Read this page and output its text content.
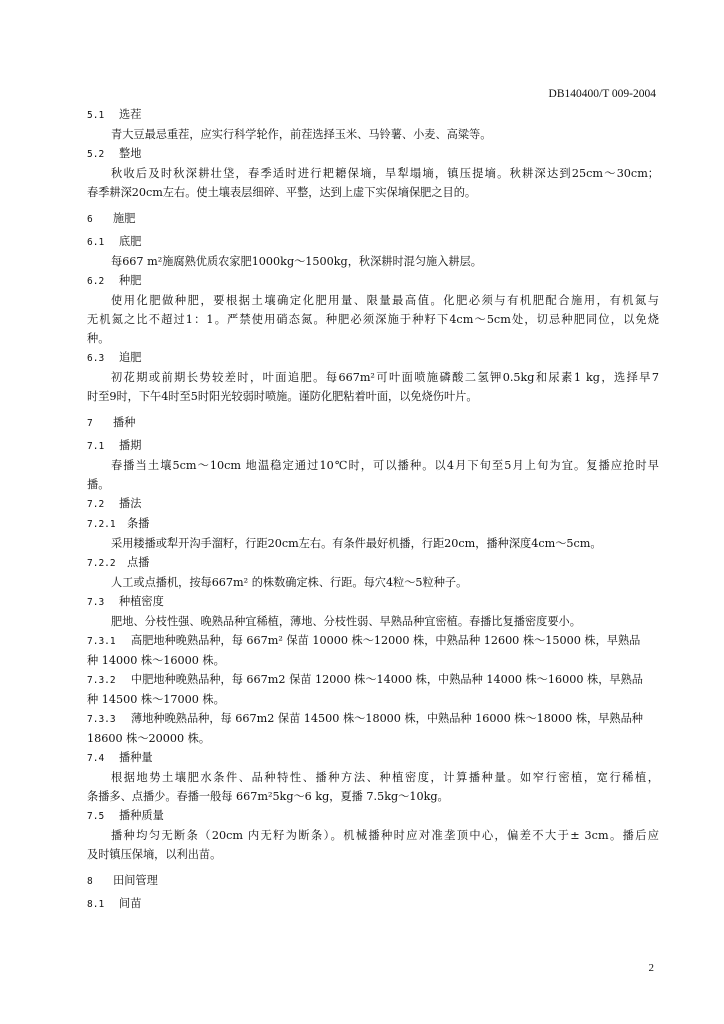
DB140400/T 009-2004
5.1 选茬
青大豆最忌重茬，应实行科学轮作，前茬选择玉米、马铃薯、小麦、高粱等。
5.2 整地
秋收后及时秋深耕壮垡，春季适时进行耙耱保墒，旱犁塌墒，镇压提墒。秋耕深达到25cm～30cm；
春季耕深20cm左右。使土壤表层细碎、平整，达到上虚下实保墒保肥之目的。
6 施肥
6.1 底肥
每667 m²施腐熟优质农家肥1000kg～1500kg，秋深耕时混匀施入耕层。
6.2 种肥
使用化肥做种肥，要根据土壤确定化肥用量、限量最高值。化肥必须与有机肥配合施用，有机氮与
无机氮之比不超过1：1。严禁使用硝态氮。种肥必须深施于种籽下4cm～5cm处，切忌种肥同位，以免烧
种。
6.3 追肥
初花期或前期长势较差时，叶面追肥。每667m²可叶面喷施磷酸二氢钾0.5kg和尿素1 kg，选择早7
时至9时，下午4时至5时阳光较弱时喷施。谨防化肥粘着叶面，以免烧伤叶片。
7 播种
7.1 播期
春播当土壤5cm～10cm 地温稳定通过10℃时，可以播种。以4月下旬至5月上旬为宜。复播应抢时早
播。
7.2 播法
7.2.1 条播
采用耧播或犁开沟手溜籽，行距20cm左右。有条件最好机播，行距20cm，播种深度4cm～5cm。
7.2.2 点播
人工或点播机，按每667m² 的株数确定株、行距。每穴4粒～5粒种子。
7.3 种植密度
肥地、分枝性强、晚熟品种宜稀植，薄地、分枝性弱、早熟品种宜密植。春播比复播密度要小。
7.3.1 高肥地种晚熟品种，每 667m² 保苗 10000 株～12000 株，中熟品种 12600 株～15000 株，早熟品
种 14000 株～16000 株。
7.3.2 中肥地种晚熟品种，每 667m2 保苗 12000 株～14000 株，中熟品种 14000 株～16000 株，早熟品
种 14500 株～17000 株。
7.3.3 薄地种晚熟品种，每 667m2 保苗 14500 株～18000 株，中熟品种 16000 株～18000 株，早熟品种
18600 株～20000 株。
7.4 播种量
根据地势土壤肥水条件、品种特性、播种方法、种植密度，计算播种量。如窄行密植，宽行稀植，
条播多、点播少。春播一般每 667m²5kg～6 kg，夏播 7.5kg～10kg。
7.5 播种质量
播种均匀无断条（20cm 内无籽为断条）。机械播种时应对准垄顶中心，偏差不大于± 3cm。播后应
及时镇压保墒，以利出苗。
8 田间管理
8.1 间苗
2
